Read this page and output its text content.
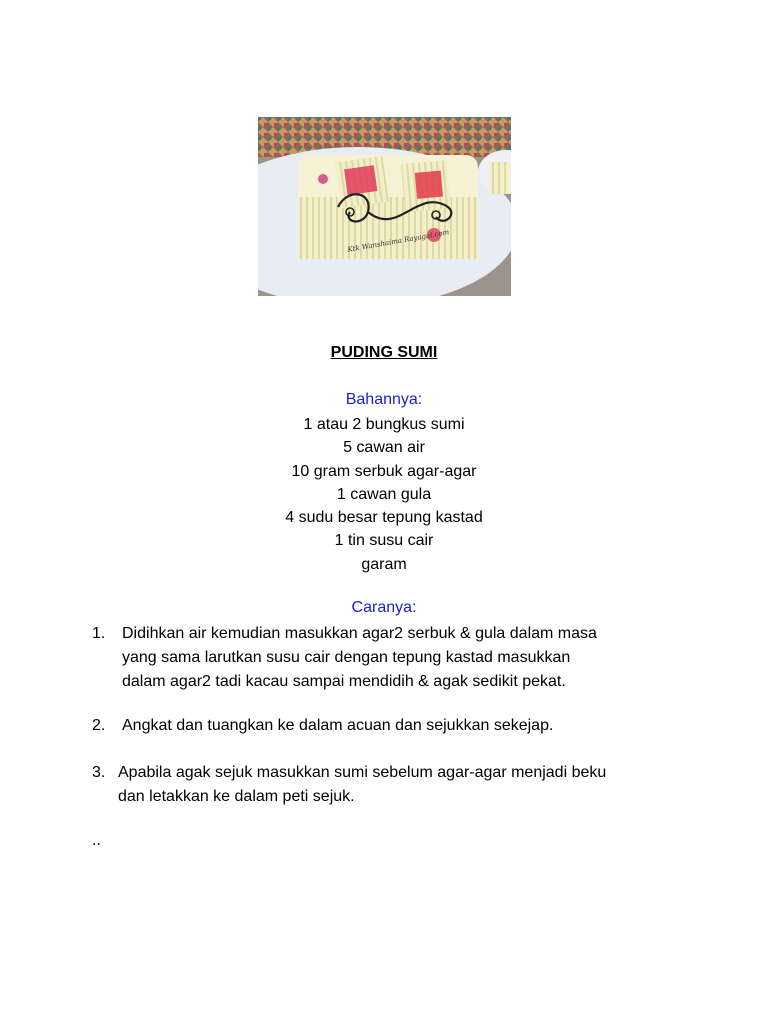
Ktk Wanshaima Rayagal.com
PUDING SUMI
Bahannya:
1 atau 2 bungkus sumi
5 cawan air
10 gram serbuk agar-agar
1 cawan gula
4 sudu besar tepung kastad
1 tin susu cair
garam
Caranya:
1.	Didihkan air kemudian masukkan agar2 serbuk & gula dalam masa
yang sama larutkan susu cair dengan tepung kastad masukkan
dalam agar2 tadi kacau sampai mendidih & agak sedikit pekat.
2.	Angkat dan tuangkan ke dalam acuan dan sejukkan sekejap.
3. Apabila agak sejuk masukkan sumi sebelum agar-agar menjadi beku
dan letakkan ke dalam peti sejuk.
..
